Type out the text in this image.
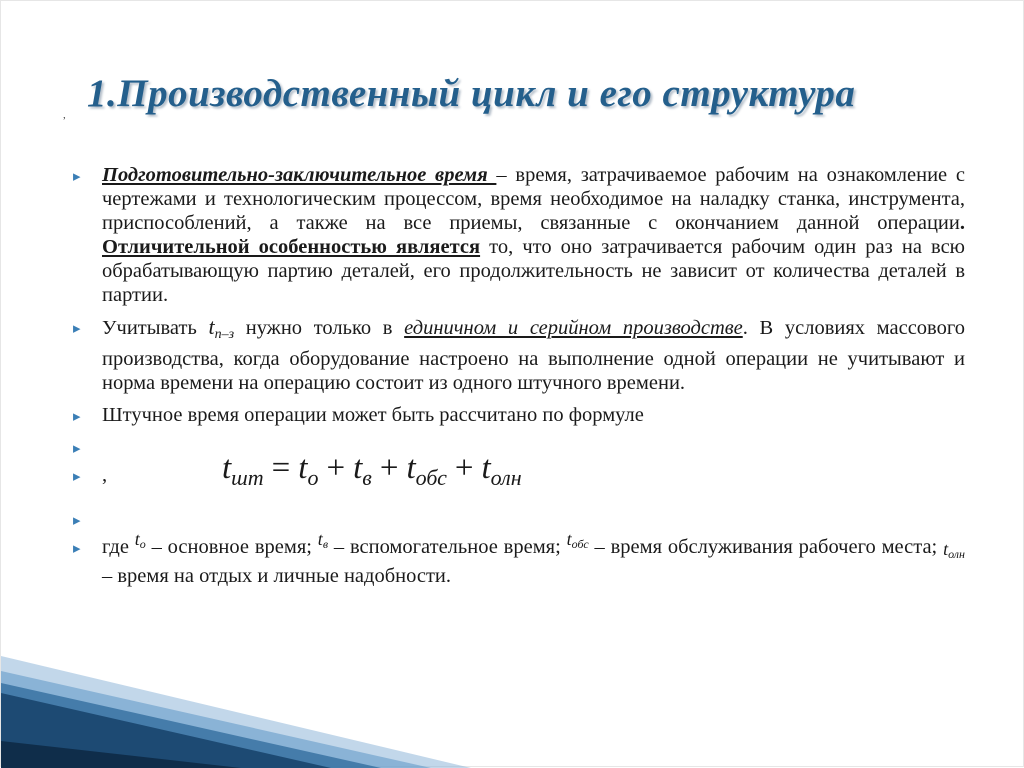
1.Производственный цикл и его структура
,
▸ Подготовительно-заключительное время – время, затрачиваемое рабочим на ознакомление с чертежами и технологическим процессом, время необходимое на наладку станка, инструмента, приспособлений, а также на все приемы, связанные с окончанием данной операции. Отличительной особенностью является то, что оно затрачивается рабочим один раз на всю обрабатывающую партию деталей, его продолжительность не зависит от количества деталей в партии.
▸ Учитывать $t_{п-з}$ нужно только в единичном и серийном производстве. В условиях массового производства, когда оборудование настроено на выполнение одной операции не учитывают и норма времени на операцию состоит из одного штучного времени.
▸ Штучное время операции может быть рассчитано по формуле
▸
▸ ,	$t_{шт} = t_о + t_в + t_{обс} + t_{олн}$
▸
▸ где $t_о$ – основное время; $t_в$ – вспомогательное время; $t_{обс}$ – время обслуживания рабочего места; $t_{олн}$ – время на отдых и личные надобности.
